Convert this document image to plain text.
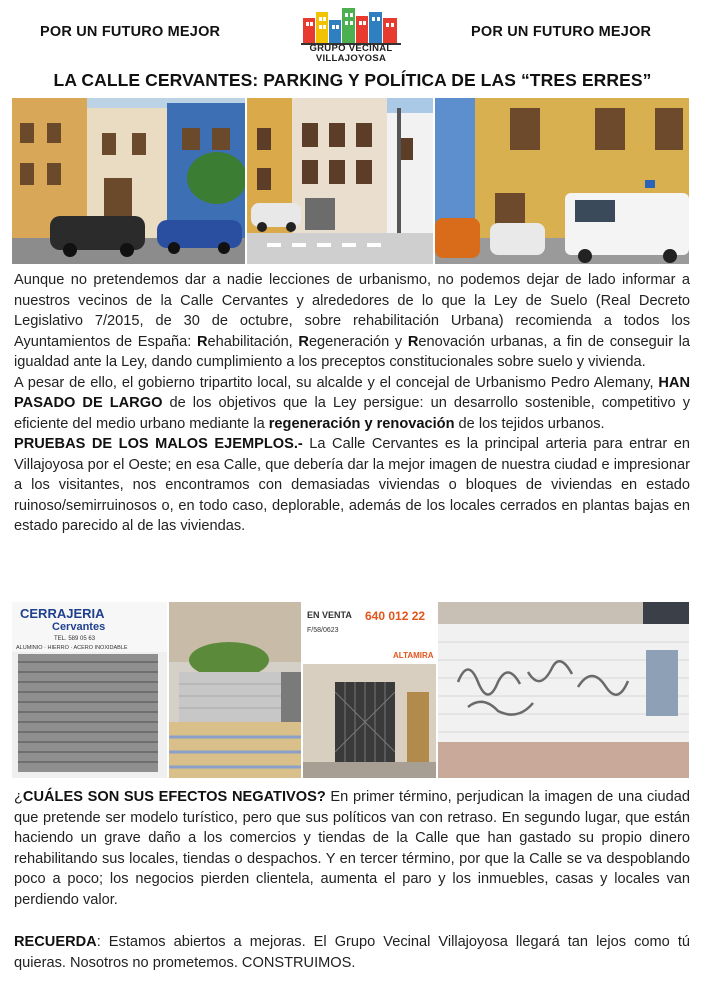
POR UN FUTURO MEJOR
GRUPO VECINAL
VILLAJOYOSA
POR UN FUTURO MEJOR
LA CALLE CERVANTES: PARKING Y POLÍTICA DE LAS “TRES ERRES”

Aunque no pretendemos dar a nadie lecciones de urbanismo, no podemos dejar de lado informar a nuestros vecinos de la Calle Cervantes y alrededores de lo que la Ley de Suelo (Real Decreto Legislativo 7/2015, de 30 de octubre, sobre rehabilitación Urbana) recomienda a todos los Ayuntamientos de España: Rehabilitación, Regeneración y Renovación urbanas, a fin de conseguir la igualdad ante la Ley, dando cumplimiento a los preceptos constitucionales sobre suelo y vivienda.

A pesar de ello, el gobierno tripartito local, su alcalde y el concejal de Urbanismo Pedro Alemany, HAN PASADO DE LARGO de los objetivos que la Ley persigue: un desarrollo sostenible, competitivo y eficiente del medio urbano mediante la regeneración y renovación de los tejidos urbanos.

PRUEBAS DE LOS MALOS EJEMPLOS.- La Calle Cervantes es la principal arteria para entrar en Villajoyosa por el Oeste; en esa Calle, que debería dar la mejor imagen de nuestra ciudad e impresionar a los visitantes, nos encontramos con demasiadas viviendas o bloques de viviendas en estado ruinoso/semirruinosos o, en todo caso, deplorable, además de los locales cerrados en plantas bajas en estado parecido al de las viviendas.

CERRAJERIA
Cervantes
TEL. 589 05 63
ALUMINIO · HIERRO · ACERO INOXIDABLE
EN VENTA 640 012 22
F/58/0623
ALTAMIRA

¿CUÁLES SON SUS EFECTOS NEGATIVOS? En primer término, perjudican la imagen de una ciudad que pretende ser modelo turístico, pero que sus políticos van con retraso. En segundo lugar, que están haciendo un grave daño a los comercios y tiendas de la Calle que han gastado su propio dinero rehabilitando sus locales, tiendas o despachos. Y en tercer término, por que la Calle se va despoblando poco a poco; los negocios pierden clientela, aumenta el paro y los inmuebles, casas y locales van perdiendo valor.

RECUERDA: Estamos abiertos a mejoras. El Grupo Vecinal Villajoyosa llegará tan lejos como tú quieras. Nosotros no prometemos. CONSTRUIMOS.
